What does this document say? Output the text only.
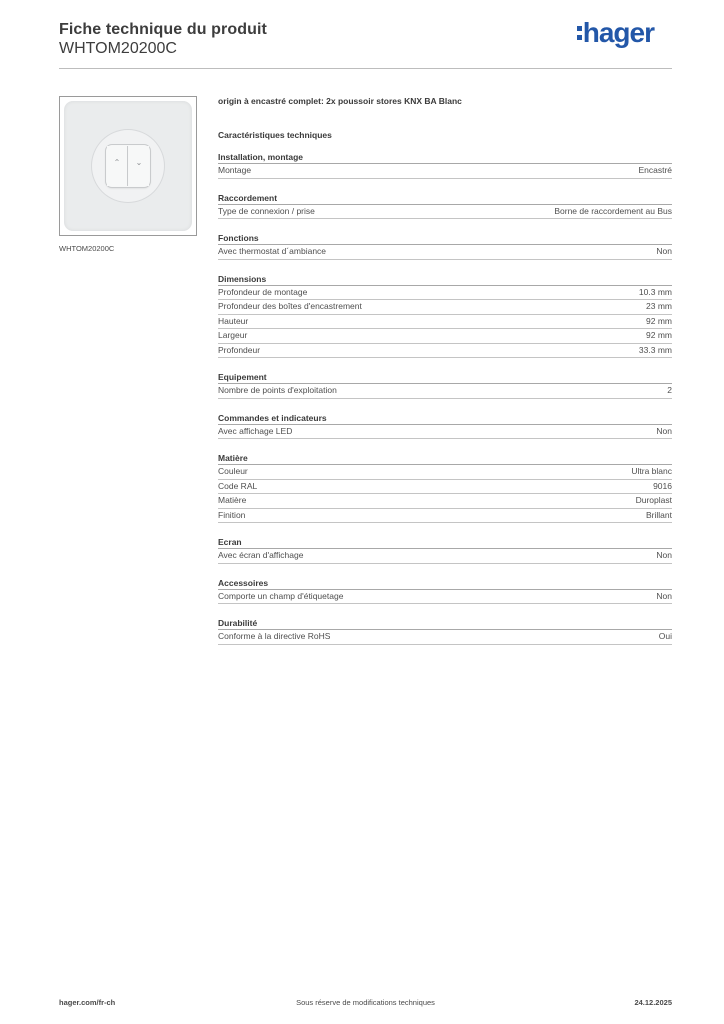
Fiche technique du produit
WHTOM20200C
hager
⌃	⌄
WHTOM20200C
origin à encastré complet: 2x poussoir stores KNX BA Blanc
Caractéristiques techniques
Installation, montage
Montage	Encastré
Raccordement
Type de connexion / prise	Borne de raccordement au Bus
Fonctions
Avec thermostat d´ambiance	Non
Dimensions
Profondeur de montage	10.3 mm
Profondeur des boîtes d'encastrement	23 mm
Hauteur	92 mm
Largeur	92 mm
Profondeur	33.3 mm
Equipement
Nombre de points d'exploitation	2
Commandes et indicateurs
Avec affichage LED	Non
Matière
Couleur	Ultra blanc
Code RAL	9016
Matière	Duroplast
Finition	Brillant
Ecran
Avec écran d'affichage	Non
Accessoires
Comporte un champ d'étiquetage	Non
Durabilité
Conforme à la directive RoHS	Oui
hager.com/fr-ch	Sous réserve de modifications techniques	24.12.2025
